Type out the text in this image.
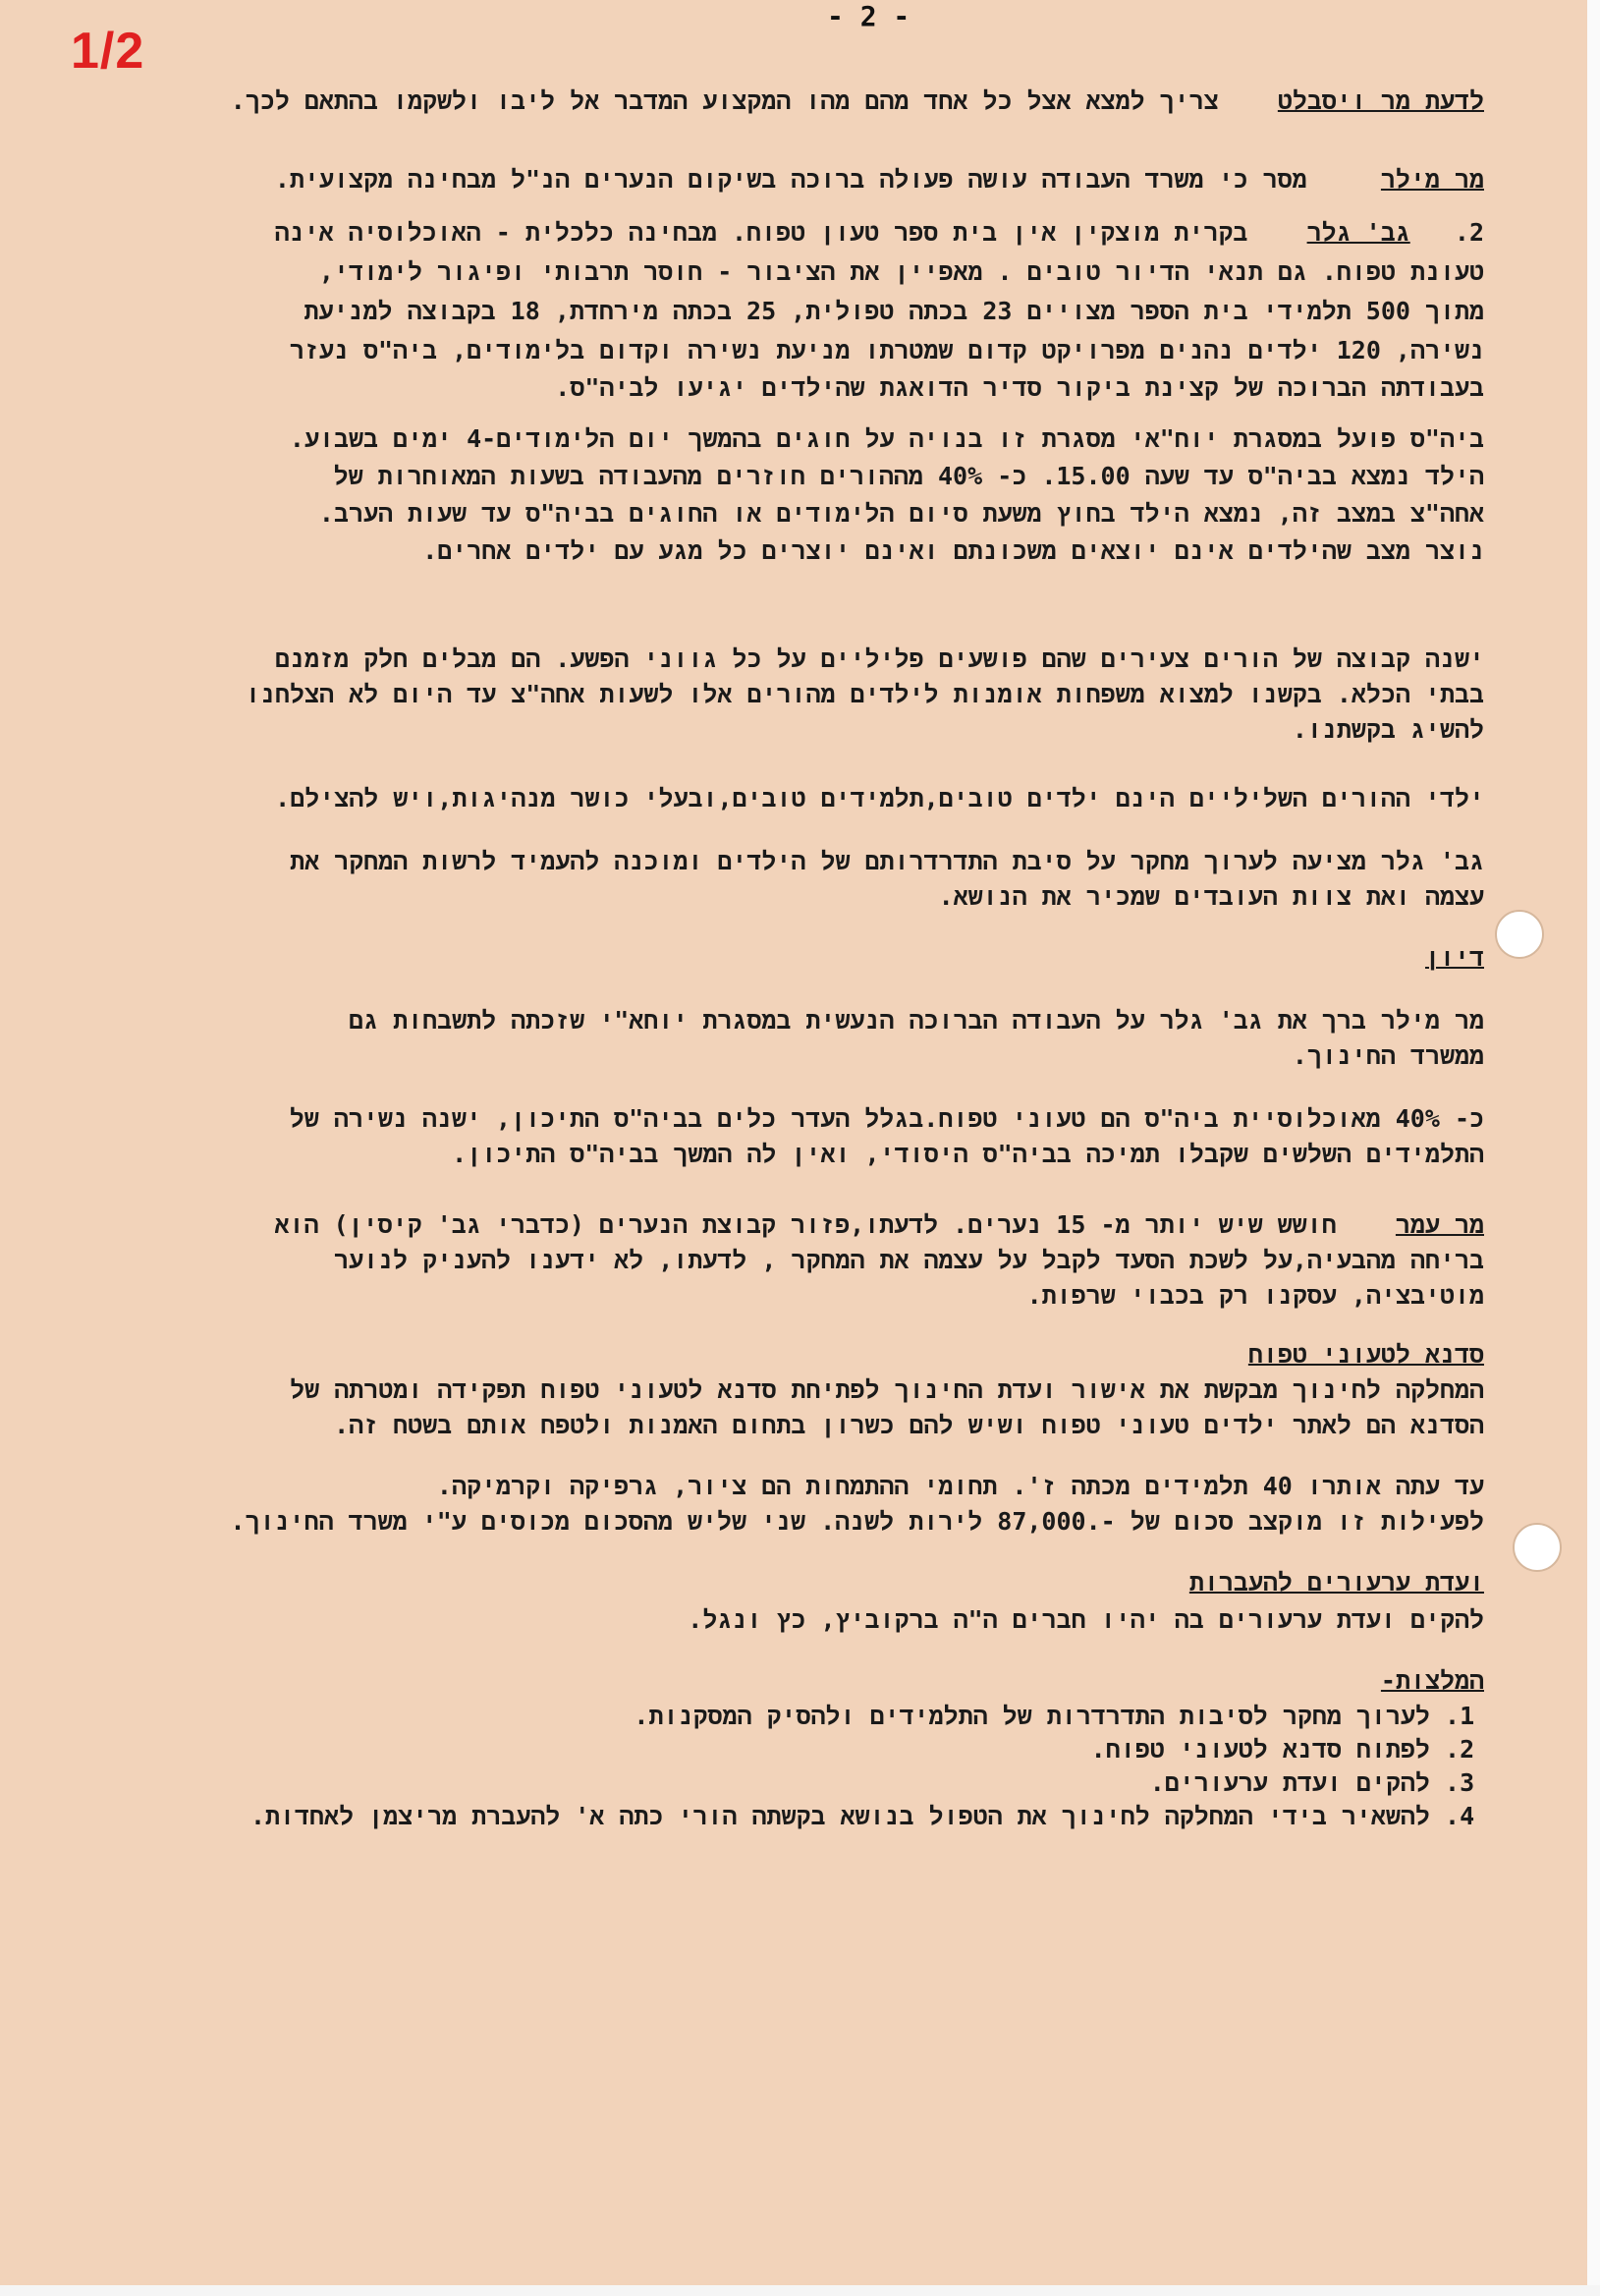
1/2
- 2 -
לדעת מר ויסבלט    צריך למצא אצל כל אחד מהם מהו המקצוע המדבר אל ליבו ולשקמו בהתאם לכך.
מר מילר     מסר כי משרד העבודה עושה פעולה ברוכה בשיקום הנערים הנ"ל מבחינה מקצועית.
2.   גב' גלר    בקרית מוצקין אין בית ספר טעון טפוח. מבחינה כלכלית - האוכלוסיה אינה
טעונת טפוח. גם תנאי הדיור טובים . מאפיין את הציבור - חוסר תרבותי ופיגור לימודי,
מתוך 500 תלמידי בית הספר מצויים 23 בכתה טפולית, 25 בכתה מירחדת, 18 בקבוצה למניעת
נשירה, 120 ילדים נהנים מפרויקט קדום שמטרתו מניעת נשירה וקדום בלימודים, ביה"ס נעזר
בעבודתה הברוכה של קצינת ביקור סדיר הדואגת שהילדים יגיעו לביה"ס.
ביה"ס פועל במסגרת יוח"אי מסגרת זו בנויה על חוגים בהמשך יום הלימודים-4 ימים בשבוע.
הילד נמצא בביה"ס עד שעה 15.00. כ- 40% מההורים חוזרים מהעבודה בשעות המאוחרות של
אחה"צ במצב זה, נמצא הילד בחוץ משעת סיום הלימודים או החוגים בביה"ס עד שעות הערב.
נוצר מצב שהילדים אינם יוצאים משכונתם ואינם יוצרים כל מגע עם ילדים אחרים.
ישנה קבוצה של הורים צעירים שהם פושעים פליליים על כל גווני הפשע. הם מבלים חלק מזמנם
בבתי הכלא. בקשנו למצוא משפחות אומנות לילדים מהורים אלו לשעות אחה"צ עד היום לא הצלחנו
להשיג בקשתנו.
ילדי ההורים השליליים הינם ילדים טובים,תלמידים טובים,ובעלי כושר מנהיגות,ויש להצילם.
גב' גלר מציעה לערוך מחקר על סיבת התדרדרותם של הילדים ומוכנה להעמיד לרשות המחקר את
עצמה ואת צוות העובדים שמכיר את הנושא.
דיון
מר מילר ברך את גב' גלר על העבודה הברוכה הנעשית במסגרת יוחא"י שזכתה לתשבחות גם
ממשרד החינוך.
כ- 40% מאוכלוסיית ביה"ס הם טעוני טפוח.בגלל העדר כלים בביה"ס התיכון, ישנה נשירה של
התלמידים השלשים שקבלו תמיכה בביה"ס היסודי, ואין לה המשך בביה"ס התיכון.
מר עמר    חושש שיש יותר מ- 15 נערים. לדעתו,פזור קבוצת הנערים (כדברי גב' קיסין) הוא
בריחה מהבעיה,על לשכת הסעד לקבל על עצמה את המחקר , לדעתו, לא ידענו להעניק לנוער
מוטיבציה, עסקנו רק בכבוי שרפות.
סדנא לטעוני טפוח
המחלקה לחינוך מבקשת את אישור ועדת החינוך לפתיחת סדנא לטעוני טפוח תפקידה ומטרתה של
הסדנא הם לאתר ילדים טעוני טפוח ושיש להם כשרון בתחום האמנות ולטפח אותם בשטח זה.
עד עתה אותרו 40 תלמידים מכתה ז'. תחומי ההתמחות הם ציור, גרפיקה וקרמיקה.
לפעילות זו מוקצב סכום של -.87,000 לירות לשנה. שני שליש מהסכום מכוסים ע"י משרד החינוך.
ועדת ערעורים להעברות
להקים ועדת ערעורים בה יהיו חברים ה"ה ברקוביץ, כץ ונגל.
המלצות-
1. לערוך מחקר לסיבות התדרדרות של התלמידים ולהסיק המסקנות.
2. לפתוח סדנא לטעוני טפוח.
3. להקים ועדת ערעורים.
4. להשאיר בידי המחלקה לחינוך את הטפול בנושא בקשתה הורי כתה א' להעברת מריצמן לאחדות.
